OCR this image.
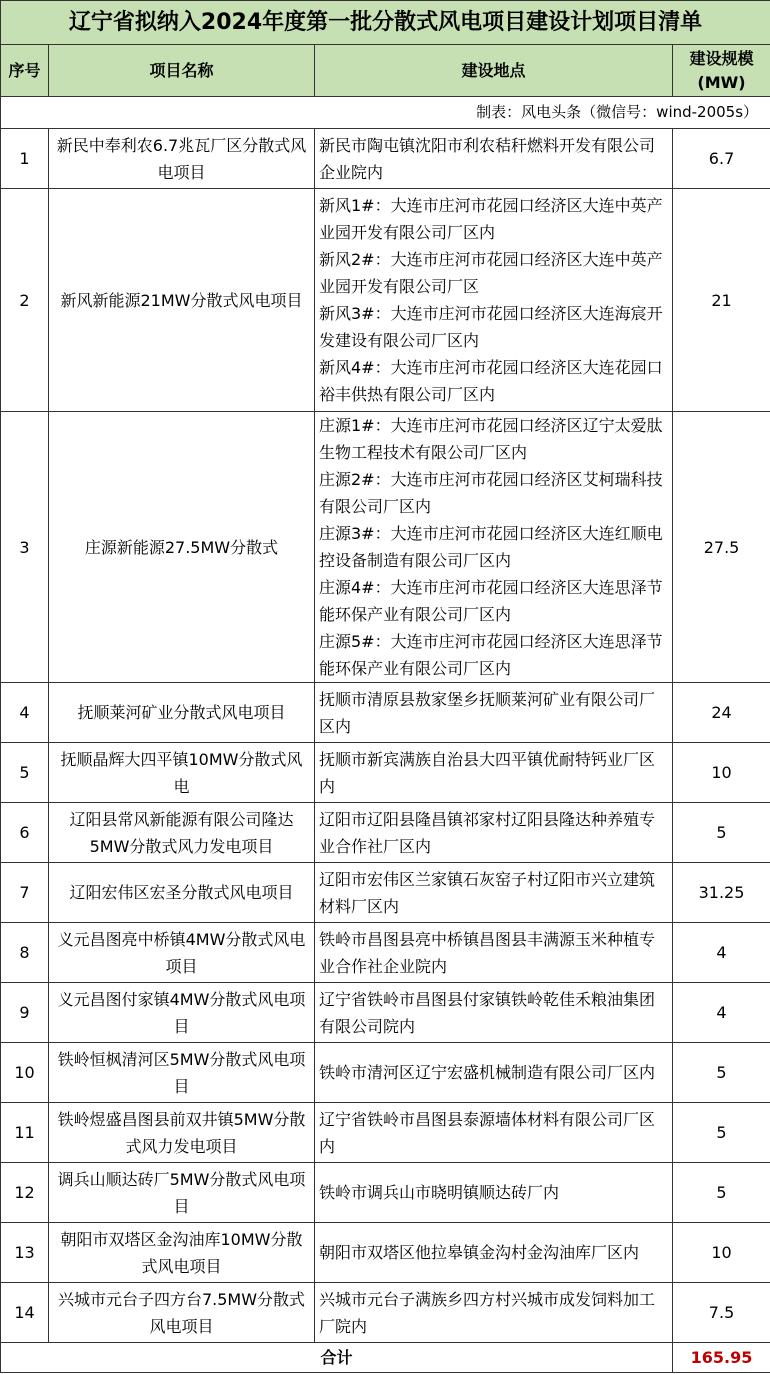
辽宁省拟纳入2024年度第一批分散式风电项目建设计划项目清单			
序号	项目名称	建设地点	建设规模(MW)
制表：风电头条（微信号：wind-2005s）			
1	新民中奉利农6.7兆瓦厂区分散式风电项目	新民市陶屯镇沈阳市利农秸秆燃料开发有限公司企业院内	6.7
2	新风新能源21MW分散式风电项目	新风1#：大连市庄河市花园口经济区大连中英产业园开发有限公司厂区内
新风2#：大连市庄河市花园口经济区大连中英产业园开发有限公司厂区
新风3#：大连市庄河市花园口经济区大连海宸开发建设有限公司厂区内
新风4#：大连市庄河市花园口经济区大连花园口裕丰供热有限公司厂区内	21
3	庄源新能源27.5MW分散式	庄源1#：大连市庄河市花园口经济区辽宁太爱肽生物工程技术有限公司厂区内
庄源2#：大连市庄河市花园口经济区艾柯瑞科技有限公司厂区内
庄源3#：大连市庄河市花园口经济区大连红顺电控设备制造有限公司厂区内
庄源4#：大连市庄河市花园口经济区大连思泽节能环保产业有限公司厂区内
庄源5#：大连市庄河市花园口经济区大连思泽节能环保产业有限公司厂区内	27.5
4	抚顺莱河矿业分散式风电项目	抚顺市清原县敖家堡乡抚顺莱河矿业有限公司厂区内	24
5	抚顺晶辉大四平镇10MW分散式风电	抚顺市新宾满族自治县大四平镇优耐特钙业厂区内	10
6	辽阳县常风新能源有限公司隆达5MW分散式风力发电项目	辽阳市辽阳县隆昌镇祁家村辽阳县隆达种养殖专业合作社厂区内	5
7	辽阳宏伟区宏圣分散式风电项目	辽阳市宏伟区兰家镇石灰窑子村辽阳市兴立建筑材料厂区内	31.25
8	义元昌图亮中桥镇4MW分散式风电项目	铁岭市昌图县亮中桥镇昌图县丰满源玉米种植专业合作社企业院内	4
9	义元昌图付家镇4MW分散式风电项目	辽宁省铁岭市昌图县付家镇铁岭乾佳禾粮油集团有限公司院内	4
10	铁岭恒枫清河区5MW分散式风电项目	铁岭市清河区辽宁宏盛机械制造有限公司厂区内	5
11	铁岭煜盛昌图县前双井镇5MW分散式风力发电项目	辽宁省铁岭市昌图县泰源墙体材料有限公司厂区内	5
12	调兵山顺达砖厂5MW分散式风电项目	铁岭市调兵山市晓明镇顺达砖厂内	5
13	朝阳市双塔区金沟油库10MW分散式风电项目	朝阳市双塔区他拉皋镇金沟村金沟油库厂区内	10
14	兴城市元台子四方台7.5MW分散式风电项目	兴城市元台子满族乡四方村兴城市成发饲料加工厂院内	7.5
合计			165.95
